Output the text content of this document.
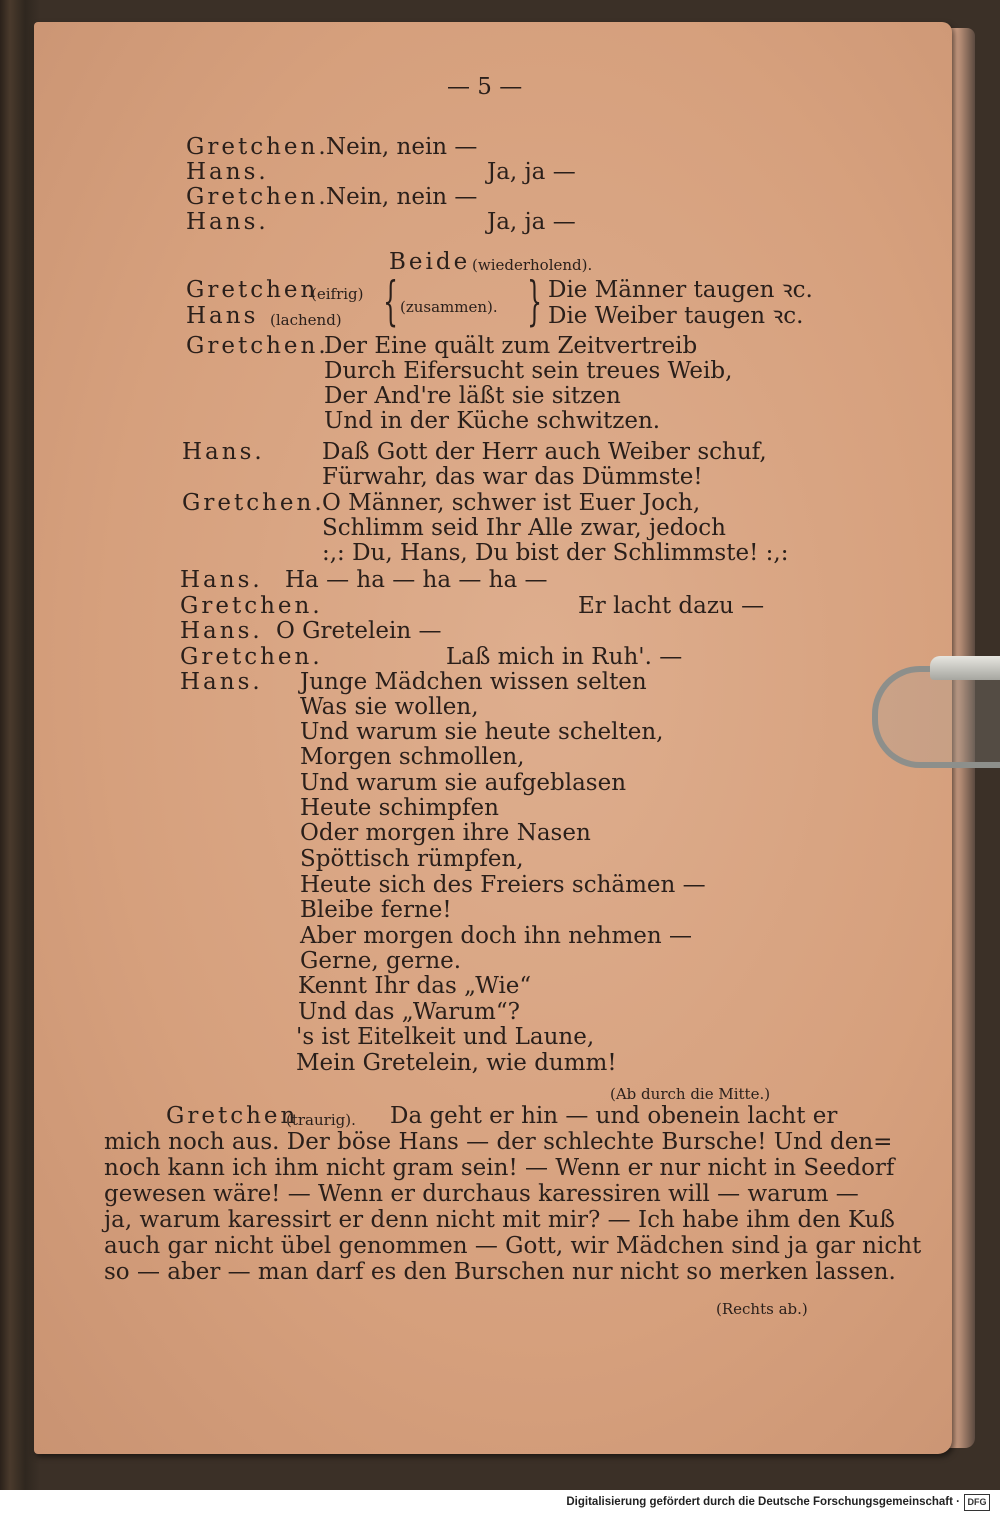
— 5 —
Gretchen.
Nein, nein —
Hans.	Ja, ja —
Gretchen.
Nein, nein —
Hans.	Ja, ja —
Beide (wiederholend).
Gretchen
(eifrig)
Hans (lachend) { (zusammen). } Die Männer taugen ꝛc.
Die Weiber taugen ꝛc.
Gretchen.
Der Eine quält zum Zeitvertreib
Durch Eifersucht sein treues Weib,
Der And're läßt sie sitzen
Und in der Küche schwitzen.
Hans. Daß Gott der Herr auch Weiber schuf,
Fürwahr, das war das Dümmste!
Gretchen.
O Männer, schwer ist Euer Joch,
Schlimm seid Ihr Alle zwar, jedoch
:,: Du, Hans, Du bist der Schlimmste! :,:
Hans. Ha — ha — ha — ha —
Gretchen.	Er lacht dazu —
Hans. O Gretelein —
Gretchen.	Laß mich in Ruh'. —
Hans. Junge Mädchen wissen selten
Was sie wollen,
Und warum sie heute schelten,
Morgen schmollen,
Und warum sie aufgeblasen
Heute schimpfen
Oder morgen ihre Nasen
Spöttisch rümpfen,
Heute sich des Freiers schämen —
Bleibe ferne!
Aber morgen doch ihn nehmen —
Gerne, gerne.
Kennt Ihr das „Wie“
Und das „Warum“?
's ist Eitelkeit und Laune,
Mein Gretelein, wie dumm!
(Ab durch die Mitte.)
Gretchen
(traurig). Da geht er hin — und obenein lacht er
mich noch aus. Der böse Hans — der schlechte Bursche! Und den=
noch kann ich ihm nicht gram sein! — Wenn er nur nicht in Seedorf
gewesen wäre! — Wenn er durchaus karessiren will — warum —
ja, warum karessirt er denn nicht mit mir? — Ich habe ihm den Kuß
auch gar nicht übel genommen — Gott, wir Mädchen sind ja gar nicht
so — aber — man darf es den Burschen nur nicht so merken lassen.
(Rechts ab.)
Digitalisierung gefördert durch die Deutsche Forschungsgemeinschaft · DFG
